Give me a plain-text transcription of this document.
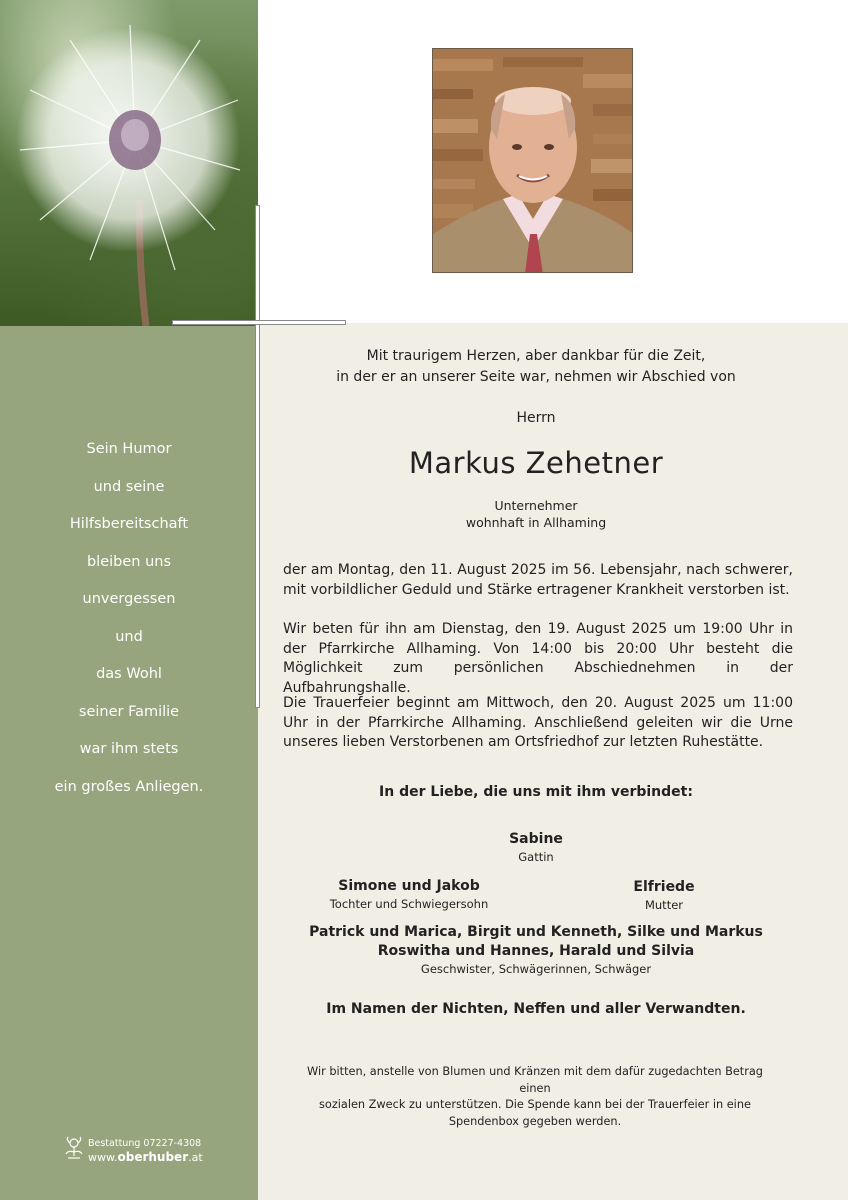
Sein Humor
und seine
Hilfsbereitschaft
bleiben uns
unvergessen
und
das Wohl
seiner Familie
war ihm stets
ein großes Anliegen.
Bestattung 07227-4308
www.oberhuber.at
Mit traurigem Herzen, aber dankbar für die Zeit,
in der er an unserer Seite war, nehmen wir Abschied von
Herrn
Markus Zehetner
Unternehmer
wohnhaft in Allhaming
der am Montag, den 11. August 2025 im 56. Lebensjahr, nach schwerer, mit vorbildlicher Geduld und Stärke ertragener Krankheit verstorben ist.
Wir beten für ihn am Dienstag, den 19. August 2025 um 19:00 Uhr in der Pfarrkirche Allhaming. Von 14:00 bis 20:00 Uhr besteht die Möglichkeit zum persönlichen Abschiednehmen in der Aufbahrungshalle.
Die Trauerfeier beginnt am Mittwoch, den 20. August 2025 um 11:00 Uhr in der Pfarrkirche Allhaming. Anschließend geleiten wir die Urne unseres lieben Verstorbenen am Ortsfriedhof zur letzten Ruhestätte.
In der Liebe, die uns mit ihm verbindet:
Sabine
Gattin
Simone und Jakob
Tochter und Schwiegersohn
Elfriede
Mutter
Patrick und Marica, Birgit und Kenneth, Silke und Markus
Roswitha und Hannes, Harald und Silvia
Geschwister, Schwägerinnen, Schwäger
Im Namen der Nichten, Neffen und aller Verwandten.
Wir bitten, anstelle von Blumen und Kränzen mit dem dafür zugedachten Betrag einen
sozialen Zweck zu unterstützen. Die Spende kann bei der Trauerfeier in eine
Spendenbox gegeben werden.
